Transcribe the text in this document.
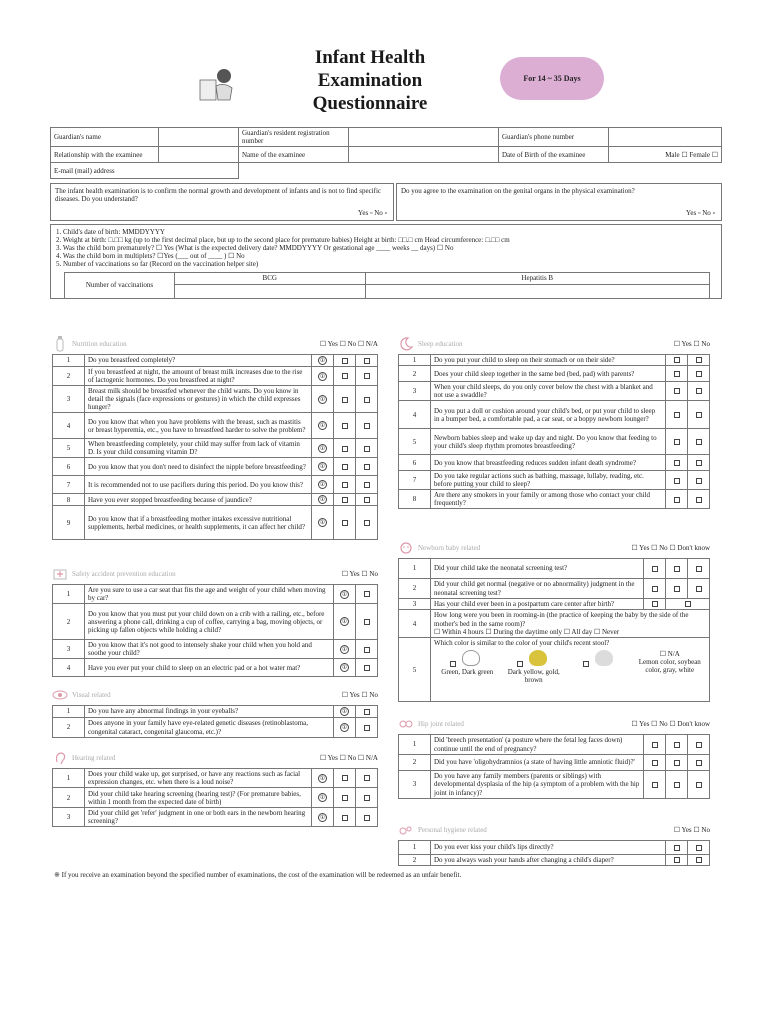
Infant Health
Examination
Questionnaire
For 14 ~ 35 Days
Guardian's name		Guardian's resident registration number		Guardian's phone number	
Relationship with the examinee		Name of the examinee		Date of Birth of the examinee	Male ☐ Female ☐
E-mail (mail) address					
The infant health examination is to confirm the normal growth and development of infants and is not to find specific diseases. Do you understand?
Yes ▫ No ▫
Do you agree to the examination on the genital organs in the physical examination?
Yes ▫ No ▫
1. Child's date of birth: MMDDYYYY
2. Weight at birth: □.□□ kg (up to the first decimal place, but up to the second place for premature babies) Height at birth: □□.□ cm Head circumference: □.□□ cm
3. Was the child born prematurely? ☐ Yes (What is the expected delivery date? MMDDYYYY Or gestational age ____ weeks __ days) ☐ No
4. Was the child born in multiplets? ☐Yes (___ out of ____ ) ☐ No
5. Number of vaccinations so far (Record on the vaccination helper site)
Number of vaccinations	BCG	Hepatitis B

Nutrition education	☐ Yes ☐ No ☐ N/A
1	Do you breastfeed completely?	①		
2	If you breastfeed at night, the amount of breast milk increases due to the rise of lactogenic hormones. Do you breastfeed at night?	①		
3	Breast milk should be breastfed whenever the child wants. Do you know in detail the signals (face expressions or gestures) in which the child expresses hunger?	①		
4	Do you know that when you have problems with the breast, such as mastitis or breast hyperemia, etc., you have to breastfeed harder to solve the problem?	①		
5	When breastfeeding completely, your child may suffer from lack of vitamin D. Is your child consuming vitamin D?	①		
6	Do you know that you don't need to disinfect the nipple before breastfeeding?	①		
7	It is recommended not to use pacifiers during this period. Do you know this?	①		
8	Have you ever stopped breastfeeding because of jaundice?	①		
9	Do you know that if a breastfeeding mother intakes excessive nutritional supplements, herbal medicines, or health supplements, it can affect her child?	①		
Safety accident prevention education	☐ Yes ☐ No
1	Are you sure to use a car seat that fits the age and weight of your child when moving by car?	①	
2	Do you know that you must put your child down on a crib with a railing, etc., before answering a phone call, drinking a cup of coffee, carrying a bag, moving objects, or picking up fallen objects while holding a child?	①	
3	Do you know that it's not good to intensely shake your child when you hold and soothe your child?	①	
4	Have you ever put your child to sleep on an electric pad or a hot water mat?	①	
Visual related	☐ Yes ☐ No
1	Do you have any abnormal findings in your eyeballs?	①	
2	Does anyone in your family have eye-related genetic diseases (retinoblastoma, congenital cataract, congenital glaucoma, etc.)?	①	
Hearing related	☐ Yes ☐ No ☐ N/A
1	Does your child wake up, get surprised, or have any reactions such as facial expression changes, etc. when there is a loud noise?	①		
2	Did your child take hearing screening (hearing test)? (For premature babies, within 1 month from the expected date of birth)	①		
3	Did your child get 'refer' judgment in one or both ears in the newborn hearing screening?	①		
Sleep education	☐ Yes ☐ No
1	Do you put your child to sleep on their stomach or on their side?		
2	Does your child sleep together in the same bed (bed, pad) with parents?		
3	When your child sleeps, do you only cover below the chest with a blanket and not use a swaddle?		
4	Do you put a doll or cushion around your child's bed, or put your child to sleep in a bumper bed, a comfortable pad, a car seat, or a boppy newborn lounger?		
5	Newborn babies sleep and wake up day and night. Do you know that feeding to your child's sleep rhythm promotes breastfeeding?		
6	Do you know that breastfeeding reduces sudden infant death syndrome?		
7	Do you take regular actions such as bathing, massage, lullaby, reading, etc. before putting your child to sleep?		
8	Are there any smokers in your family or among those who contact your child frequently?		
Newborn baby related	☐ Yes ☐ No ☐ Don't know
1	Did your child take the neonatal screening test?			
2	Did your child get normal (negative or no abnormality) judgment in the neonatal screening test?			
3	Has your child ever been in a postpartum care center after birth?			
4	How long were you been in rooming-in (the practice of keeping the baby by the side of the mother's bed in the same room)?
☐ Within 4 hours ☐ During the daytime only ☐ All day ☐ Never			

5	Which color is similar to the color of your child's recent stool?

Green, Dark green
Dark yellow, gold, brown

☐ N/A
Lemon color, soybean color, gray, white			
Hip joint related	☐ Yes ☐ No ☐ Don't know
1	Did 'breech presentation' (a posture where the fetal leg faces down) continue until the end of pregnancy?			
2	Did you have 'oligohydramnios (a state of having little amniotic fluid)?'			
3	Do you have any family members (parents or siblings) with developmental dysplasia of the hip (a symptom of a problem with the hip joint in infancy)?			
Personal hygiene related	☐ Yes ☐ No
1	Do you ever kiss your child's lips directly?		
2	Do you always wash your hands after changing a child's diaper?		
※ If you receive an examination beyond the specified number of examinations, the cost of the examination will be redeemed as an unfair benefit.
